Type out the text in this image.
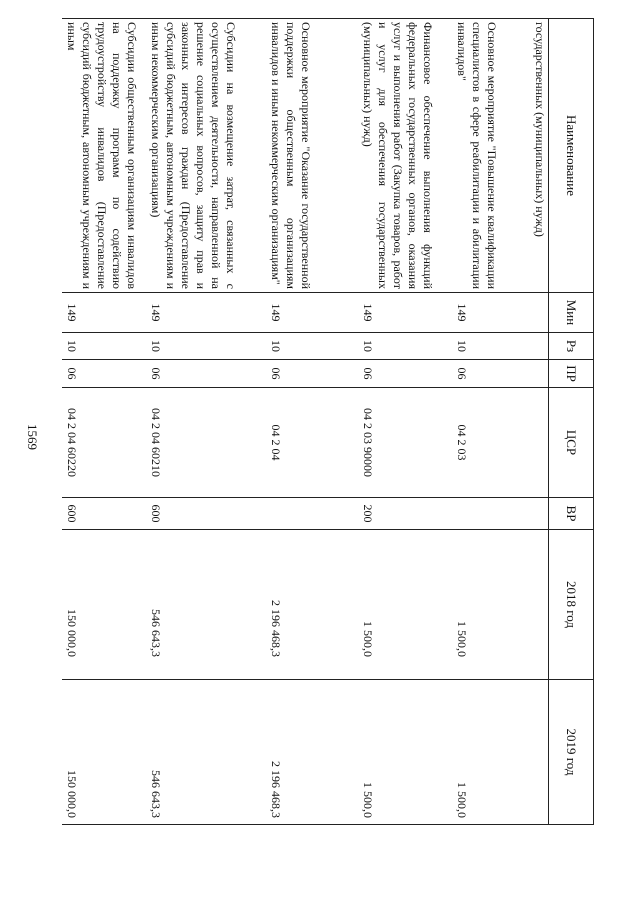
1569
Наименование	Мин	Рз	ПР	ЦСР	ВР	2018 год	2019 год
государственных (муниципальных) нужд)							
Основное мероприятие "Повышение квалификации специалистов в сфере реабилитации и абилитации инвалидов"	149	10	06	04 2 03		1 500,0	1 500,0
Финансовое обеспечение выполнения функций федеральных государственных органов, оказания услуг и выполнения работ (Закупка товаров, работ и услуг для обеспечения государственных (муниципальных) нужд)	149	10	06	04 2 03 90000	200	1 500,0	1 500,0
Основное мероприятие "Оказание государственной поддержки общественным организациям инвалидов и иным некоммерческим организациям"	149	10	06	04 2 04		2 196 468,3	2 196 468,3
Субсидии на возмещение затрат, связанных с осуществлением деятельности, направленной на решение социальных вопросов, защиту прав и законных интересов граждан (Предоставление субсидий бюджетным, автономным учреждениям и иным некоммерческим организациям)	149	10	06	04 2 04 60210	600	546 643,3	546 643,3
Субсидии общественным организациям инвалидов на поддержку программ по содействию трудоустройству инвалидов (Предоставление субсидий бюджетным, автономным учреждениям и иным	149	10	06	04 2 04 60220	600	150 000,0	150 000,0
